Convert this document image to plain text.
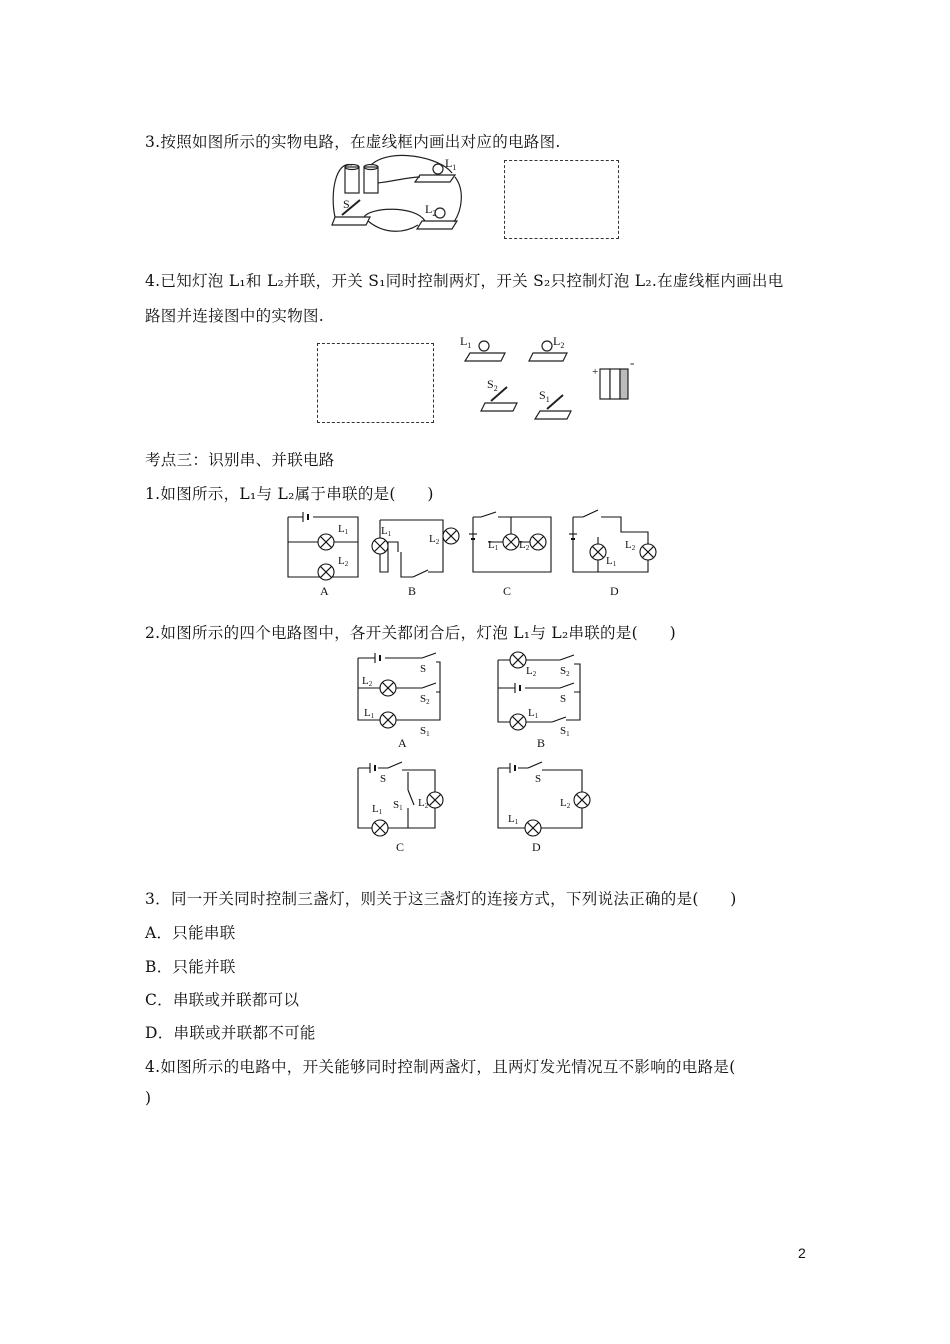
3.按照如图所示的实物电路，在虚线框内画出对应的电路图.
$L_1$
$L_2$
S
4.已知灯泡 L₁和 L₂并联，开关 S₁同时控制两灯，开关 S₂只控制灯泡 L₂.在虚线框内画出电
路图并连接图中的实物图.
$L_1$	$L_2$
$S_2$	$S_1$
+
-
考点三：识别串、并联电路
1.如图所示，L₁与 L₂属于串联的是(　　)
L1
L2
L1	L2	L1 L2
L1
L2
A	B	C	D
2.如图所示的四个电路图中，各开关都闭合后，灯泡 L₁与 L₂串联的是(　　)
S
L2
S2
L1
S1
L2 S2
S
L1
S1
S
S1 L2
L1
S
L2
L1
A	B
C	D
3．同一开关同时控制三盏灯，则关于这三盏灯的连接方式，下列说法正确的是(　　)
A．只能串联
B．只能并联
C．串联或并联都可以
D．串联或并联都不可能
4.如图所示的电路中，开关能够同时控制两盏灯，且两灯发光情况互不影响的电路是(
)
2
